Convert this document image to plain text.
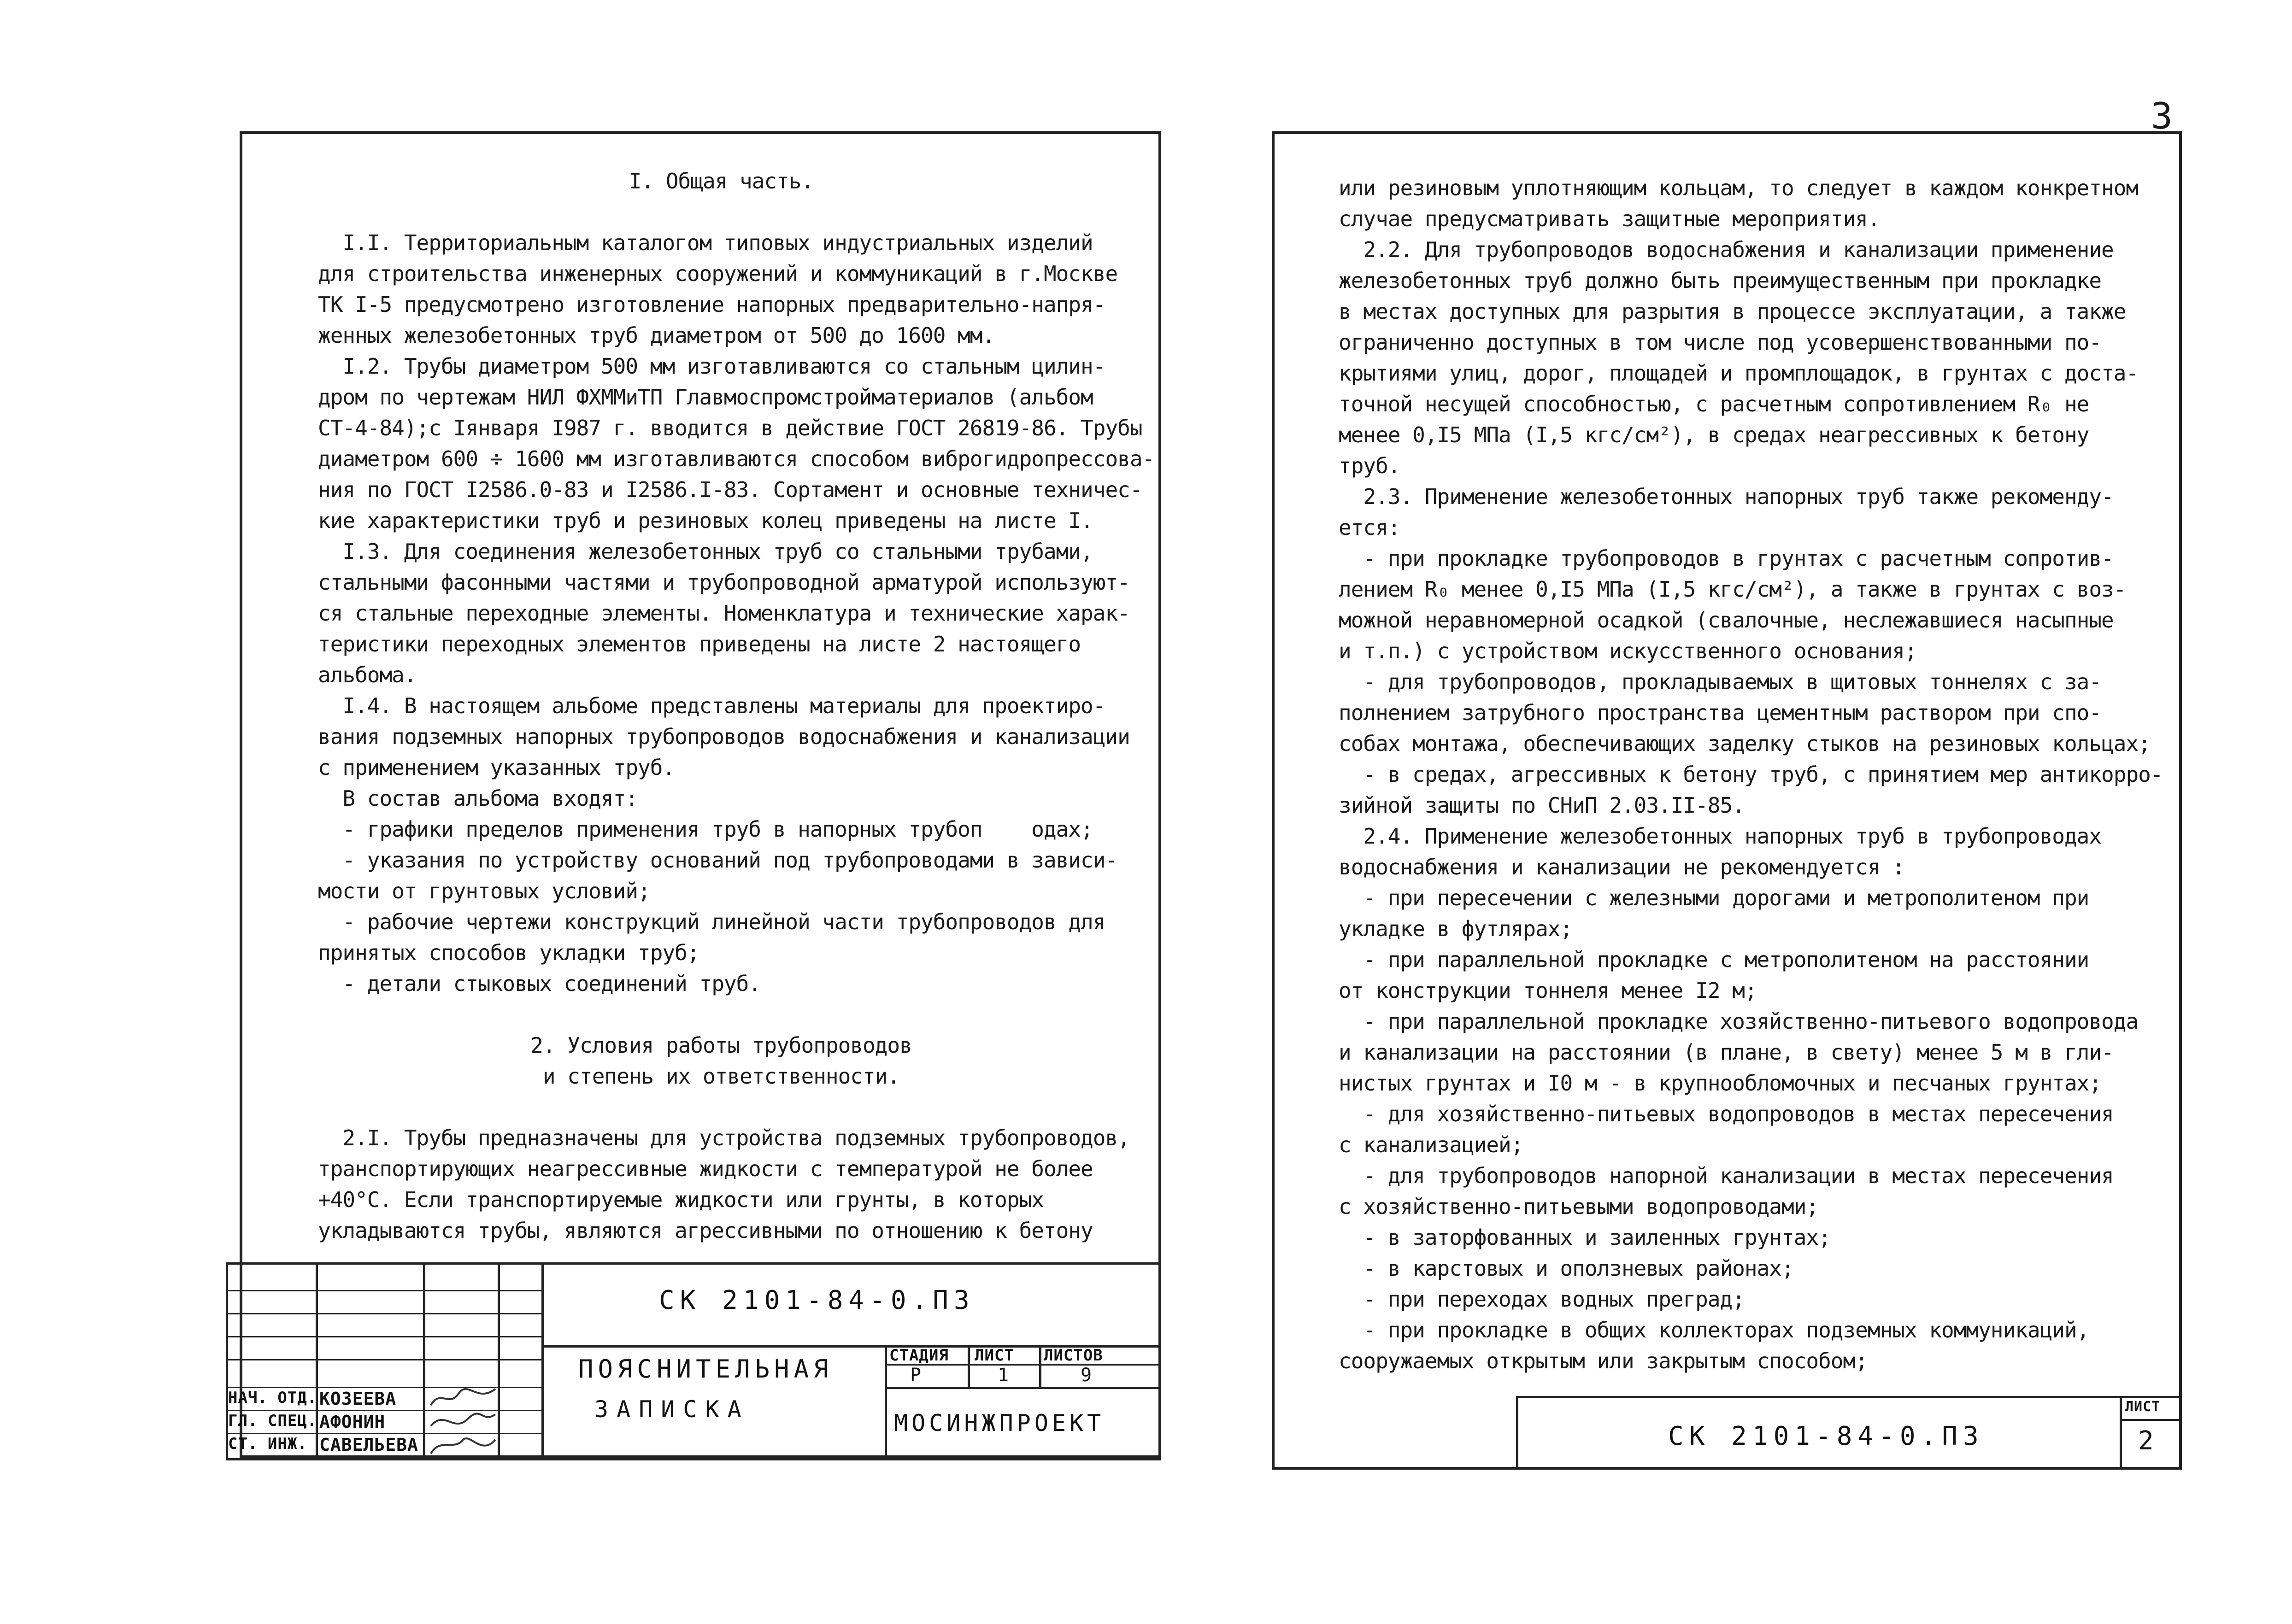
3
I. Общая часть.
I.I. Территориальным каталогом типовых индустриальных изделий
для строительства инженерных сооружений и коммуникаций в г.Москве
ТК I-5 предусмотрено изготовление напорных предварительно-напря-
женных железобетонных труб диаметром от 500 до 1600 мм.
I.2. Трубы диаметром 500 мм изготавливаются со стальным цилин-
дром по чертежам НИЛ ФХММиТП Главмоспромстройматериалов (альбом
СТ-4-84);с Iянваря I987 г. вводится в действие ГОСТ 26819-86. Трубы
диаметром 600 ÷ 1600 мм изготавливаются способом виброгидропрессова-
ния по ГОСТ I2586.0-83 и I2586.I-83. Сортамент и основные техничес-
кие характеристики труб и резиновых колец приведены на листе I.
I.3. Для соединения железобетонных труб со стальными трубами,
стальными фасонными частями и трубопроводной арматурой используют-
ся стальные переходные элементы. Номенклатура и технические харак-
теристики переходных элементов приведены на листе 2 настоящего
альбома.
I.4. В настоящем альбоме представлены материалы для проектиро-
вания подземных напорных трубопроводов водоснабжения и канализации
с применением указанных труб.
В состав альбома входят:
- графики пределов применения труб в напорных трубоп    одах;
- указания по устройству оснований под трубопроводами в зависи-
мости от грунтовых условий;
- рабочие чертежи конструкций линейной части трубопроводов для
принятых способов укладки труб;
- детали стыковых соединений труб.
2. Условия работы трубопроводов
и степень их ответственности.
2.I. Трубы предназначены для устройства подземных трубопроводов,
транспортирующих неагрессивные жидкости с температурой не более
+40°С. Если транспортируемые жидкости или грунты, в которых
укладываются трубы, являются агрессивными по отношению к бетону
СК 2101-84-0.ПЗ
ПОЯСНИТЕЛЬНАЯ
ЗАПИСКА
СТАДИЯ ЛИСТ ЛИСТОВ
Р	1	9
МОСИНЖПРОЕКТ
НАЧ. ОТД.
ГЛ. СПЕЦ.
СТ. ИНЖ.
КОЗЕЕВА
АФОНИН
САВЕЛЬЕВА
или резиновым уплотняющим кольцам, то следует в каждом конкретном
случае предусматривать защитные мероприятия.
2.2. Для трубопроводов водоснабжения и канализации применение
железобетонных труб должно быть преимущественным при прокладке
в местах доступных для разрытия в процессе эксплуатации, а также
ограниченно доступных в том числе под усовершенствованными по-
крытиями улиц, дорог, площадей и промплощадок, в грунтах с доста-
точной несущей способностью, с расчетным сопротивлением R₀ не
менее 0,I5 МПа (I,5 кгс/см²), в средах неагрессивных к бетону
труб.
2.3. Применение железобетонных напорных труб также рекоменду-
ется:
- при прокладке трубопроводов в грунтах с расчетным сопротив-
лением R₀ менее 0,I5 МПа (I,5 кгс/см²), а также в грунтах с воз-
можной неравномерной осадкой (свалочные, неслежавшиеся насыпные
и т.п.) с устройством искусственного основания;
- для трубопроводов, прокладываемых в щитовых тоннелях с за-
полнением затрубного пространства цементным раствором при спо-
собах монтажа, обеспечивающих заделку стыков на резиновых кольцах;
- в средах, агрессивных к бетону труб, с принятием мер антикорро-
зийной защиты по СНиП 2.03.II-85.
2.4. Применение железобетонных напорных труб в трубопроводах
водоснабжения и канализации не рекомендуется :
- при пересечении с железными дорогами и метрополитеном при
укладке в футлярах;
- при параллельной прокладке с метрополитеном на расстоянии
от конструкции тоннеля менее I2 м;
- при параллельной прокладке хозяйственно-питьевого водопровода
и канализации на расстоянии (в плане, в свету) менее 5 м в гли-
нистых грунтах и I0 м - в крупнообломочных и песчаных грунтах;
- для хозяйственно-питьевых водопроводов в местах пересечения
с канализацией;
- для трубопроводов напорной канализации в местах пересечения
с хозяйственно-питьевыми водопроводами;
- в заторфованных и заиленных грунтах;
- в карстовых и оползневых районах;
- при переходах водных преград;
- при прокладке в общих коллекторах подземных коммуникаций,
сооружаемых открытым или закрытым способом;
СК 2101-84-0.ПЗ
ЛИСТ
2
